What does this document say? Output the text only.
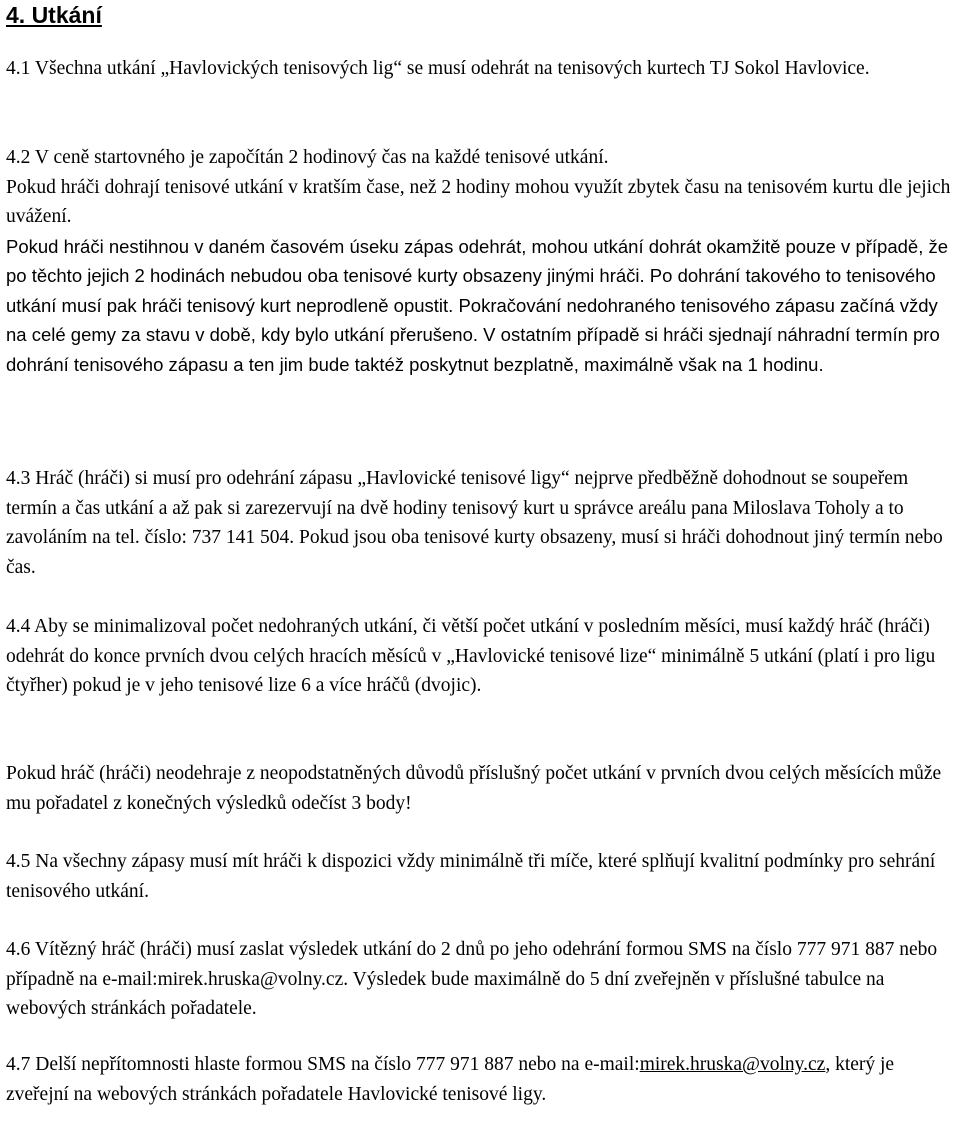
4. Utkání

4.1 Všechna utkání „Havlovických tenisových lig“ se musí odehrát na tenisových kurtech TJ Sokol Havlovice.

4.2 V ceně startovného je započítán 2 hodinový čas na každé tenisové utkání.

Pokud hráči dohrají tenisové utkání v kratším čase, než 2 hodiny mohou využít zbytek času na tenisovém kurtu dle jejich uvážení.

Pokud hráči nestihnou v daném časovém úseku zápas odehrát, mohou utkání dohrát okamžitě pouze v případě, že po těchto jejich 2 hodinách nebudou oba tenisové kurty obsazeny jinými hráči. Po dohrání takového to tenisového utkání musí pak hráči tenisový kurt neprodleně opustit. Pokračování nedohraného tenisového zápasu začíná vždy na celé gemy za stavu v době, kdy bylo utkání přerušeno. V ostatním případě si hráči sjednají náhradní termín pro dohrání tenisového zápasu a ten jim bude taktéž poskytnut bezplatně, maximálně však na 1 hodinu.

4.3 Hráč (hráči) si musí pro odehrání zápasu „Havlovické tenisové ligy“ nejprve předběžně dohodnout se soupeřem termín a čas utkání a až pak si zarezervují na dvě hodiny tenisový kurt u správce areálu pana Miloslava Toholy a to zavoláním na tel. číslo: 737 141 504. Pokud jsou oba tenisové kurty obsazeny, musí si hráči dohodnout jiný termín nebo čas.

4.4 Aby se minimalizoval počet nedohraných utkání, či větší počet utkání v posledním měsíci, musí každý hráč (hráči) odehrát do konce prvních dvou celých hracích měsíců v „Havlovické tenisové lize“ minimálně 5 utkání (platí i pro ligu čtyřher) pokud je v jeho tenisové lize 6 a více hráčů (dvojic).

Pokud hráč (hráči) neodehraje z neopodstatněných důvodů příslušný počet utkání v prvních dvou celých měsících může mu pořadatel z konečných výsledků odečíst 3 body!

4.5 Na všechny zápasy musí mít hráči k dispozici vždy minimálně tři míče, které splňují kvalitní podmínky pro sehrání tenisového utkání.

4.6 Vítězný hráč (hráči) musí zaslat výsledek utkání do 2 dnů po jeho odehrání formou SMS na číslo 777 971 887 nebo případně na e-mail:mirek.hruska@volny.cz. Výsledek bude maximálně do 5 dní zveřejněn v příslušné tabulce na webových stránkách pořadatele.

4.7 Delší nepřítomnosti hlaste formou SMS na číslo 777 971 887 nebo na e-mail:mirek.hruska@volny.cz, který je zveřejní na webových stránkách pořadatele Havlovické tenisové ligy.
